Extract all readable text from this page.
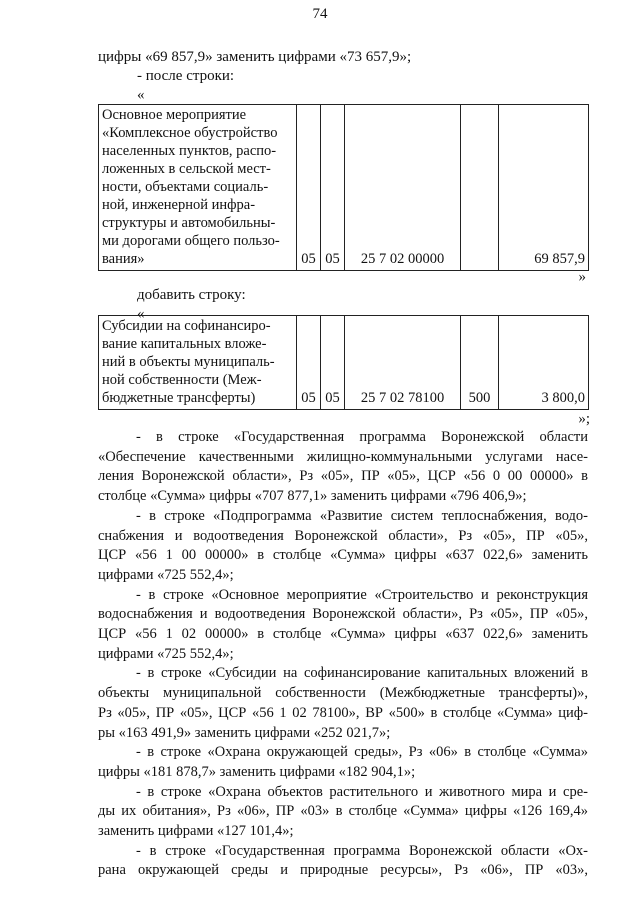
74
цифры «69 857,9» заменить цифрами «73 657,9»;
- после строки:
«
Основное мероприятие
«Комплексное обустройство
населенных пунктов, распо-
ложенных в сельской мест-
ности, объектами социаль-
ной, инженерной инфра-
структуры и автомобильны-
ми дорогами общего пользо-
вания»	05	05	25 7 02 00000		69 857,9
»
добавить строку:
«
Субсидии на софинансиро-
вание капитальных вложе-
ний в объекты муниципаль-
ной собственности (Меж-
бюджетные трансферты)	05	05	25 7 02 78100	500	3 800,0
»;
- в строке «Государственная программа Воронежской области
«Обеспечение качественными жилищно-коммунальными услугами насе-
ления Воронежской области», Рз «05», ПР «05», ЦСР «56 0 00 00000» в
столбце «Сумма» цифры «707 877,1» заменить цифрами «796 406,9»;
- в строке «Подпрограмма «Развитие систем теплоснабжения, водо-
снабжения и водоотведения Воронежской области», Рз «05», ПР «05»,
ЦСР «56 1 00 00000» в столбце «Сумма» цифры «637 022,6» заменить
цифрами «725 552,4»;
- в строке «Основное мероприятие «Строительство и реконструкция
водоснабжения и водоотведения Воронежской области», Рз «05», ПР «05»,
ЦСР «56 1 02 00000» в столбце «Сумма» цифры «637 022,6» заменить
цифрами «725 552,4»;
- в строке «Субсидии на софинансирование капитальных вложений в
объекты муниципальной собственности (Межбюджетные трансферты)»,
Рз «05», ПР «05», ЦСР «56 1 02 78100», ВР «500» в столбце «Сумма» циф-
ры «163 491,9» заменить цифрами «252 021,7»;
- в строке «Охрана окружающей среды», Рз «06» в столбце «Сумма»
цифры «181 878,7» заменить цифрами «182 904,1»;
- в строке «Охрана объектов растительного и животного мира и сре-
ды их обитания», Рз «06», ПР «03» в столбце «Сумма» цифры «126 169,4»
заменить цифрами «127 101,4»;
- в строке «Государственная программа Воронежской области «Ох-
рана окружающей среды и природные ресурсы», Рз «06», ПР «03»,
